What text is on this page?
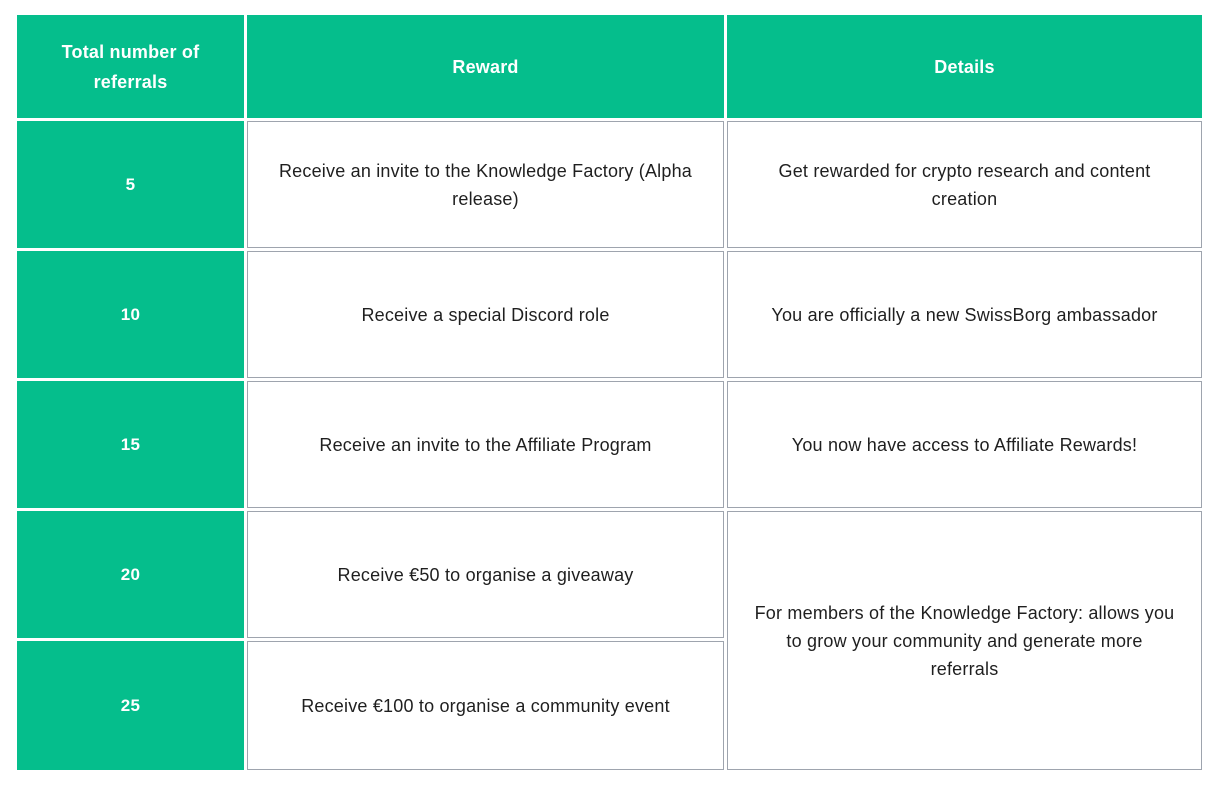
Total number of referrals	Reward	Details
5	Receive an invite to the Knowledge Factory (Alpha release)	Get rewarded for crypto research and content creation
10	Receive a special Discord role	You are officially a new SwissBorg ambassador
15	Receive an invite to the Affiliate Program	You now have access to Affiliate Rewards!
20	Receive €50 to organise a giveaway	For members of the Knowledge Factory: allows you to grow your community and generate more referrals
25	Receive €100 to organise a community event	
